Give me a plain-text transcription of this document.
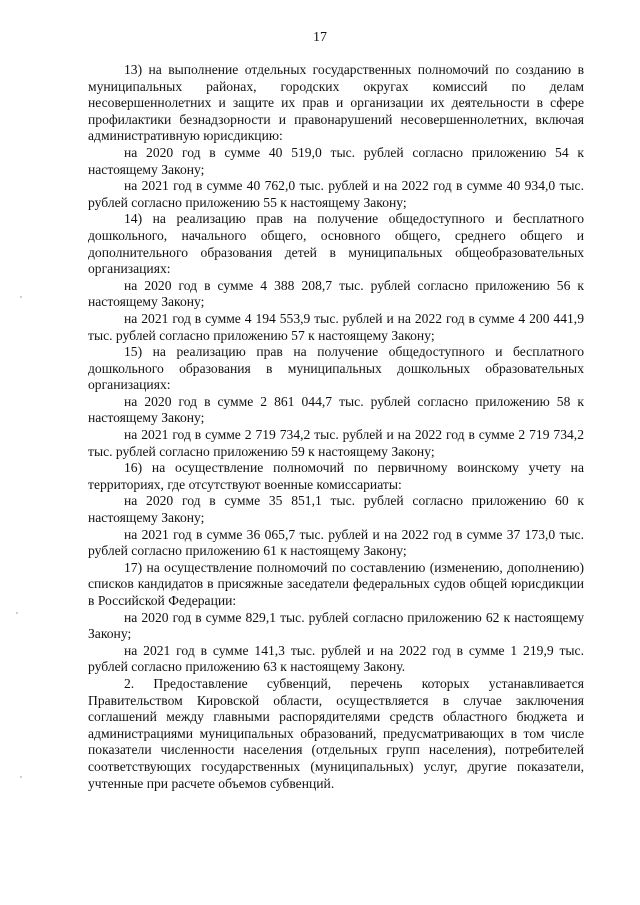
17

13) на выполнение отдельных государственных полномочий по созданию в муниципальных районах, городских округах комиссий по делам несовершеннолетних и защите их прав и организации их деятельности в сфере профилактики безнадзорности и правонарушений несовершеннолетних, включая административную юрисдикцию:

на 2020 год в сумме 40 519,0 тыс. рублей согласно приложению 54 к настоящему Закону;

на 2021 год в сумме 40 762,0 тыс. рублей и на 2022 год в сумме 40 934,0 тыс. рублей согласно приложению 55 к настоящему Закону;

14) на реализацию прав на получение общедоступного и бесплатного дошкольного, начального общего, основного общего, среднего общего и дополнительного образования детей в муниципальных общеобразовательных организациях:

на 2020 год в сумме 4 388 208,7 тыс. рублей согласно приложению 56 к настоящему Закону;

на 2021 год в сумме 4 194 553,9 тыс. рублей и на 2022 год в сумме 4 200 441,9 тыс. рублей согласно приложению 57 к настоящему Закону;

15) на реализацию прав на получение общедоступного и бесплатного дошкольного образования в муниципальных дошкольных образовательных организациях:

на 2020 год в сумме 2 861 044,7 тыс. рублей согласно приложению 58 к настоящему Закону;

на 2021 год в сумме 2 719 734,2 тыс. рублей и на 2022 год в сумме 2 719 734,2 тыс. рублей согласно приложению 59 к настоящему Закону;

16) на осуществление полномочий по первичному воинскому учету на территориях, где отсутствуют военные комиссариаты:

на 2020 год в сумме 35 851,1 тыс. рублей согласно приложению 60 к настоящему Закону;

на 2021 год в сумме 36 065,7 тыс. рублей и на 2022 год в сумме 37 173,0 тыс. рублей согласно приложению 61 к настоящему Закону;

17) на осуществление полномочий по составлению (изменению, дополнению) списков кандидатов в присяжные заседатели федеральных судов общей юрисдикции в Российской Федерации:

на 2020 год в сумме 829,1 тыс. рублей согласно приложению 62 к настоящему Закону;

на 2021 год в сумме 141,3 тыс. рублей и на 2022 год в сумме 1 219,9 тыс. рублей согласно приложению 63 к настоящему Закону.

2. Предоставление субвенций, перечень которых устанавливается Правительством Кировской области, осуществляется в случае заключения соглашений между главными распорядителями средств областного бюджета и администрациями муниципальных образований, предусматривающих в том числе показатели численности населения (отдельных групп населения), потребителей соответствующих государственных (муниципальных) услуг, другие показатели, учтенные при расчете объемов субвенций.
